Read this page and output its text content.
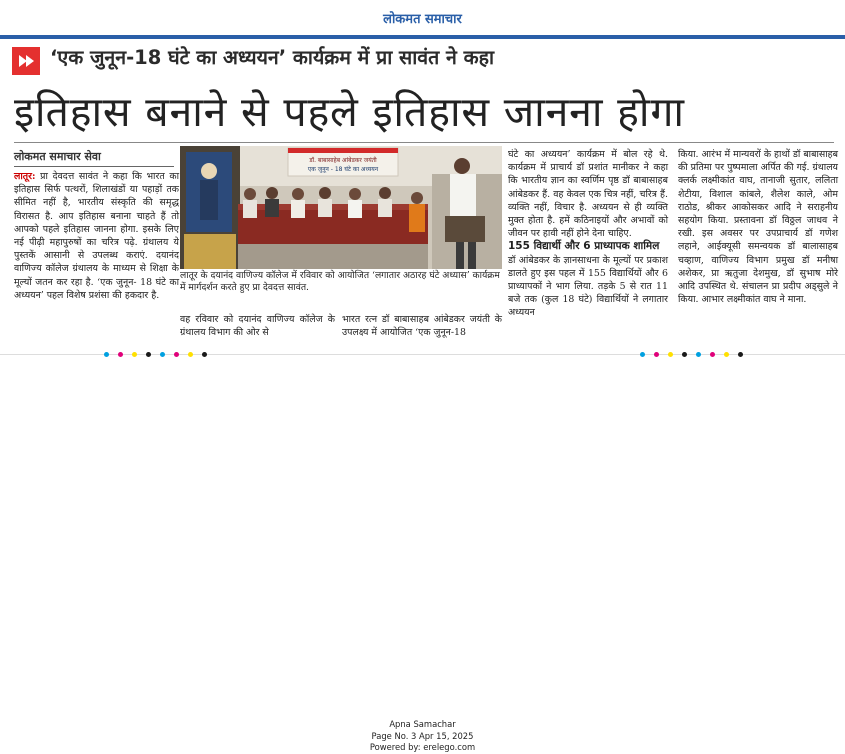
लोकमत समाचार
‘एक जुनून-18 घंटे का अध्ययन’ कार्यक्रम में प्रा सावंत ने कहा
इतिहास बनाने से पहले इतिहास जानना होगा
लोकमत समाचार सेवा
लातूर: प्रा देवदत्त सावंत ने कहा कि भारत का इतिहास सिर्फ पत्थरों, शिलाखंडों या पहाड़ों तक सीमित नहीं है, भारतीय संस्कृति की समृद्ध विरासत है. आप इतिहास बनाना चाहते हैं तो आपको पहले इतिहास जानना होगा. इसके लिए नई पीढ़ी महापुरुषों का चरित्र पढ़े. ग्रंथालय ये पुस्तकें आसानी से उपलब्ध कराएं. दयानंद वाणिज्य कॉलेज ग्रंथालय के माध्यम से शिक्षा के मूल्यों जतन कर रहा है. ‘एक जुनून- 18 घंटे का अध्ययन’ पहल विशेष प्रशंसा की हकदार है.
डॉ. बाबासाहेब आंबेडकर जयंती
एक जुनून - 18 घंटे का अध्ययन
लातूर के दयानंद वाणिज्य कॉलेज में रविवार को आयोजित ‘लगातार अठारह घंटे अध्यास’ कार्यक्रम में मार्गदर्शन करते हुए प्रा देवदत्त सावंत.
वह रविवार को दयानंद वाणिज्य कॉलेज के ग्रंथालय विभाग की ओर से
भारत रत्न डॉ बाबासाहब आंबेडकर जयंती के उपलक्ष्य में आयोजित ‘एक जुनून-18
घंटे का अध्ययन’ कार्यक्रम में बोल रहे थे. कार्यक्रम में प्राचार्य डॉ प्रशांत मानीकर ने कहा कि भारतीय ज्ञान का स्वर्णिम पृष्ठ डॉ बाबासाहब आंबेडकर हैं. वह केवल एक चित्र नहीं, चरित्र हैं. व्यक्ति नहीं, विचार है. अध्ययन से ही व्यक्ति मुक्त होता है. हमें कठिनाइयों और अभावों को जीवन पर हावी नहीं होने देना चाहिए.
155 विद्यार्थी और 6 प्राध्यापक शामिल
डॉ आंबेडकर के ज्ञानसाधना के मूल्यों पर प्रकाश डालते हुए इस पहल में 155 विद्यार्थियों और 6 प्राध्यापकों ने भाग लिया. तड़के 5 से रात 11 बजे तक (कुल 18 घंटे) विद्यार्थियों ने लगातार अध्ययन
किया. आरंभ में मान्यवरों के हाथों डॉ बाबासाहब की प्रतिमा पर पुष्पमाला अर्पित की गई. ग्रंथालय क्लर्क लक्ष्मीकांत वाघ, तानाजी सुतार, ललिता शेटीया, विशाल कांबले, शैलेश काले, ओम राठोड, श्रीकर आकोसकर आदि ने सराहनीय सहयोग किया. प्रस्तावना डॉ विठ्ठल जाधव ने रखी. इस अवसर पर उपप्राचार्य डॉ गणेश लहाने, आईक्यूसी समन्वयक डॉ बालासाहब चव्हाण, वाणिज्य विभाग प्रमुख डॉ मनीषा अशेकर, प्रा ऋतुजा देशमुख, डॉ सुभाष मोरे आदि उपस्थित थे. संचालन प्रा प्रदीप अड्सुले ने किया. आभार लक्ष्मीकांत वाघ ने माना.
Apna Samachar
Page No. 3 Apr 15, 2025
Powered by: erelego.com
